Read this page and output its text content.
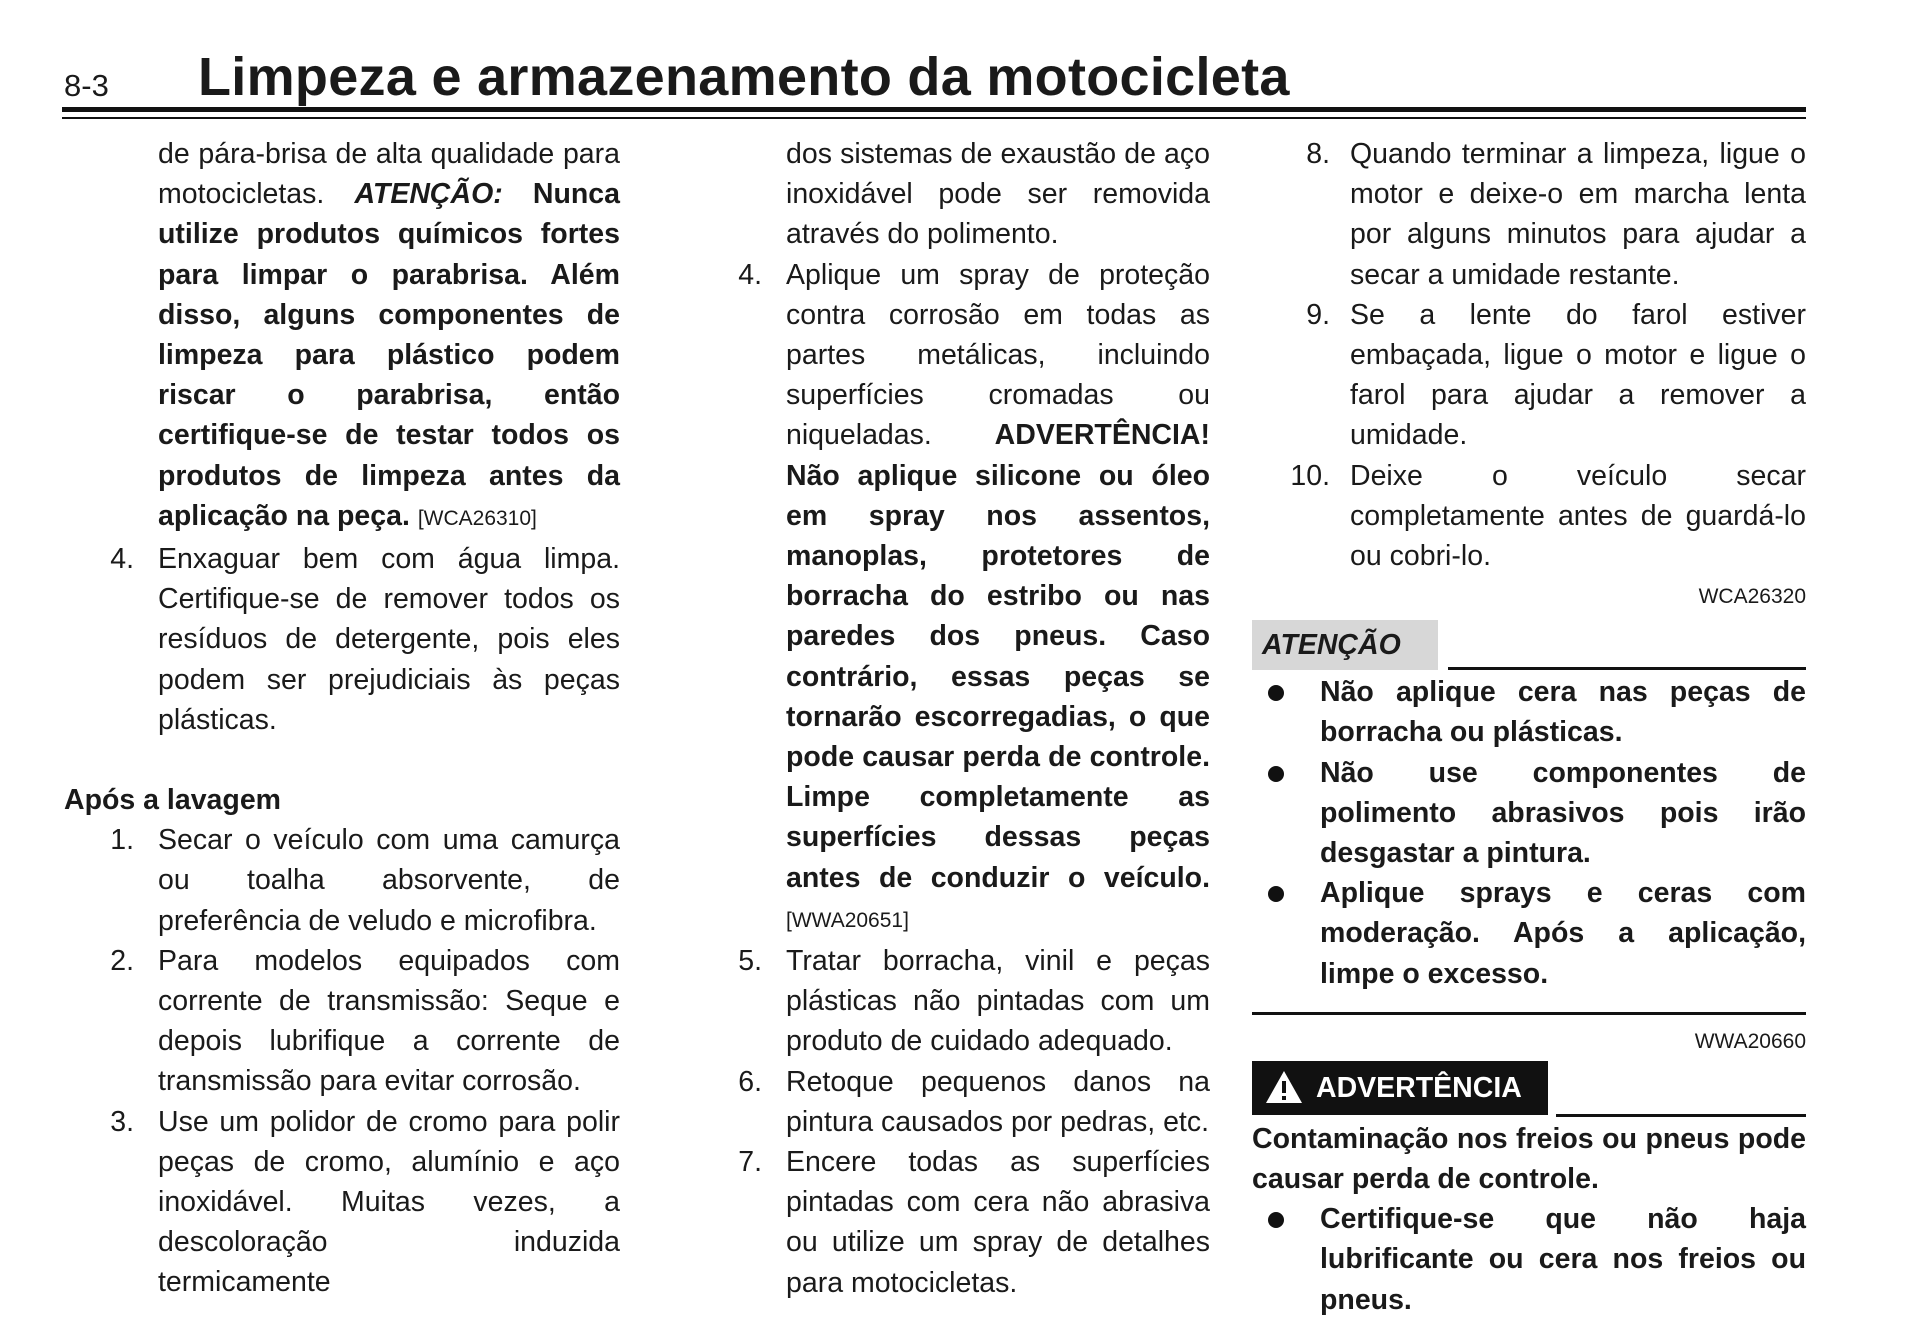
8-3 Limpeza e armazenamento da motocicleta
de pára-brisa de alta qualidade para motocicletas. ATENÇÃO: Nunca utilize produtos químicos fortes para limpar o parabrisa. Além disso, alguns componentes de limpeza para plástico podem riscar o parabrisa, então certifique-se de testar todos os produtos de limpeza antes da aplicação na peça. [WCA26310]
4. Enxaguar bem com água limpa. Certifique-se de remover todos os resíduos de detergente, pois eles podem ser prejudiciais às peças plásticas.
Após a lavagem
1. Secar o veículo com uma camurça ou toalha absorvente, de preferência de veludo e microfibra.
2. Para modelos equipados com corrente de transmissão: Seque e depois lubrifique a corrente de transmissão para evitar corrosão.
3. Use um polidor de cromo para polir peças de cromo, alumínio e aço inoxidável. Muitas vezes, a descoloração induzida termicamente
dos sistemas de exaustão de aço inoxidável pode ser removida através do polimento.
4. Aplique um spray de proteção contra corrosão em todas as partes metálicas, incluindo superfícies cromadas ou niqueladas. ADVERTÊNCIA! Não aplique silicone ou óleo em spray nos assentos, manoplas, protetores de borracha do estribo ou nas paredes dos pneus. Caso contrário, essas peças se tornarão escorregadias, o que pode causar perda de controle. Limpe completamente as superfícies dessas peças antes de conduzir o veículo. [WWA20651]
5. Tratar borracha, vinil e peças plásticas não pintadas com um produto de cuidado adequado.
6. Retoque pequenos danos na pintura causados por pedras, etc.
7. Encere todas as superfícies pintadas com cera não abrasiva ou utilize um spray de detalhes para motocicletas.
8. Quando terminar a limpeza, ligue o motor e deixe-o em marcha lenta por alguns minutos para ajudar a secar a umidade restante.
9. Se a lente do farol estiver embaçada, ligue o motor e ligue o farol para ajudar a remover a umidade.
10. Deixe o veículo secar completamente antes de guardá-lo ou cobri-lo.
WCA26320
ATENÇÃO
Não aplique cera nas peças de borracha ou plásticas.
Não use componentes de polimento abrasivos pois irão desgastar a pintura.
Aplique sprays e ceras com moderação. Após a aplicação, limpe o excesso.
WWA20660
ADVERTÊNCIA
Contaminação nos freios ou pneus pode causar perda de controle.
Certifique-se que não haja lubrificante ou cera nos freios ou pneus.
